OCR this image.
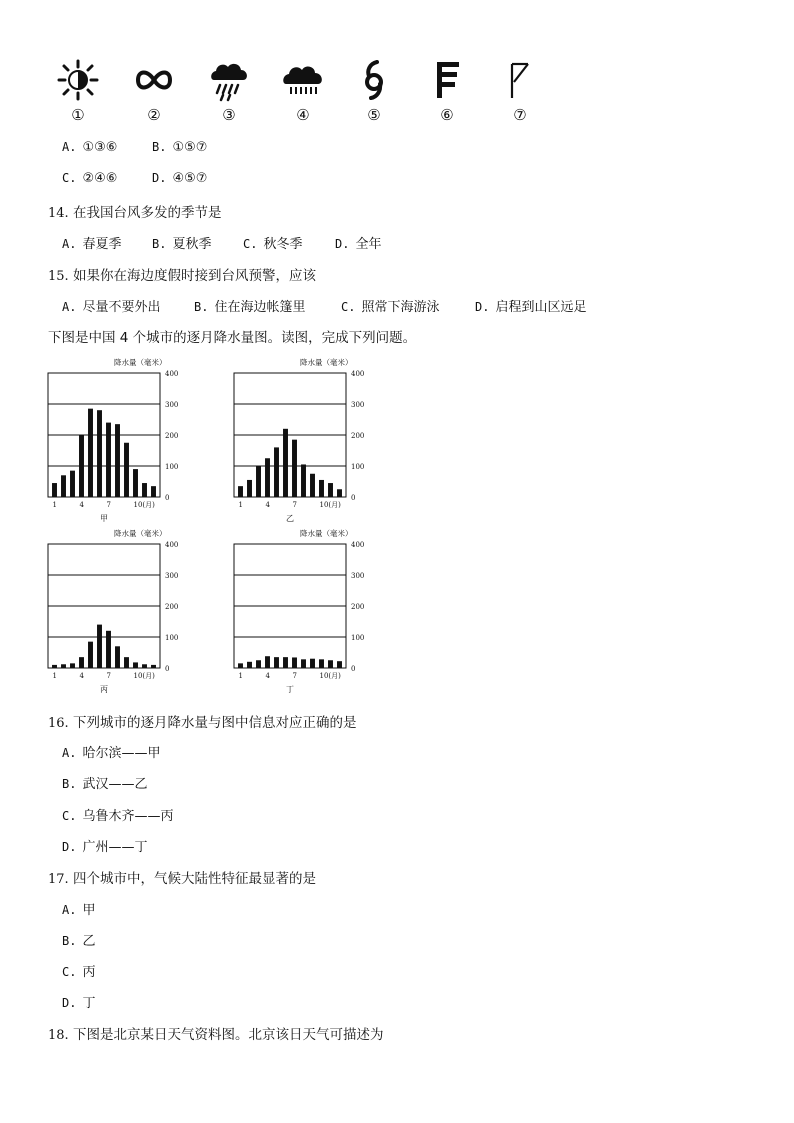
①	②	③	④	⑤	⑥	⑦
A. ①③⑥	B. ①⑤⑦
C. ②④⑥	D. ④⑤⑦
14. 在我国台风多发的季节是
A. 春夏季	B. 夏秋季	C. 秋冬季	D. 全年
15. 如果你在海边度假时接到台风预警，应该
A. 尽量不要外出	B. 住在海边帐篷里	C. 照常下海游泳	D. 启程到山区远足
下图是中国 4 个城市的逐月降水量图。读图，完成下列问题。
0
100
200
300
400
1	4	7	10(月)
降水量（毫米）
甲
0
100
200
300
400
1	4	7	10(月)
降水量（毫米）
乙
0
100
200
300
400
1	4	7	10(月)
降水量（毫米）
丙
0
100
200
300
400
1	4	7	10(月)
降水量（毫米）
丁
16. 下列城市的逐月降水量与图中信息对应正确的是
A. 哈尔滨——甲
B. 武汉——乙
C. 乌鲁木齐——丙
D. 广州——丁
17. 四个城市中，气候大陆性特征最显著的是
A. 甲
B. 乙
C. 丙
D. 丁
18. 下图是北京某日天气资料图。北京该日天气可描述为
